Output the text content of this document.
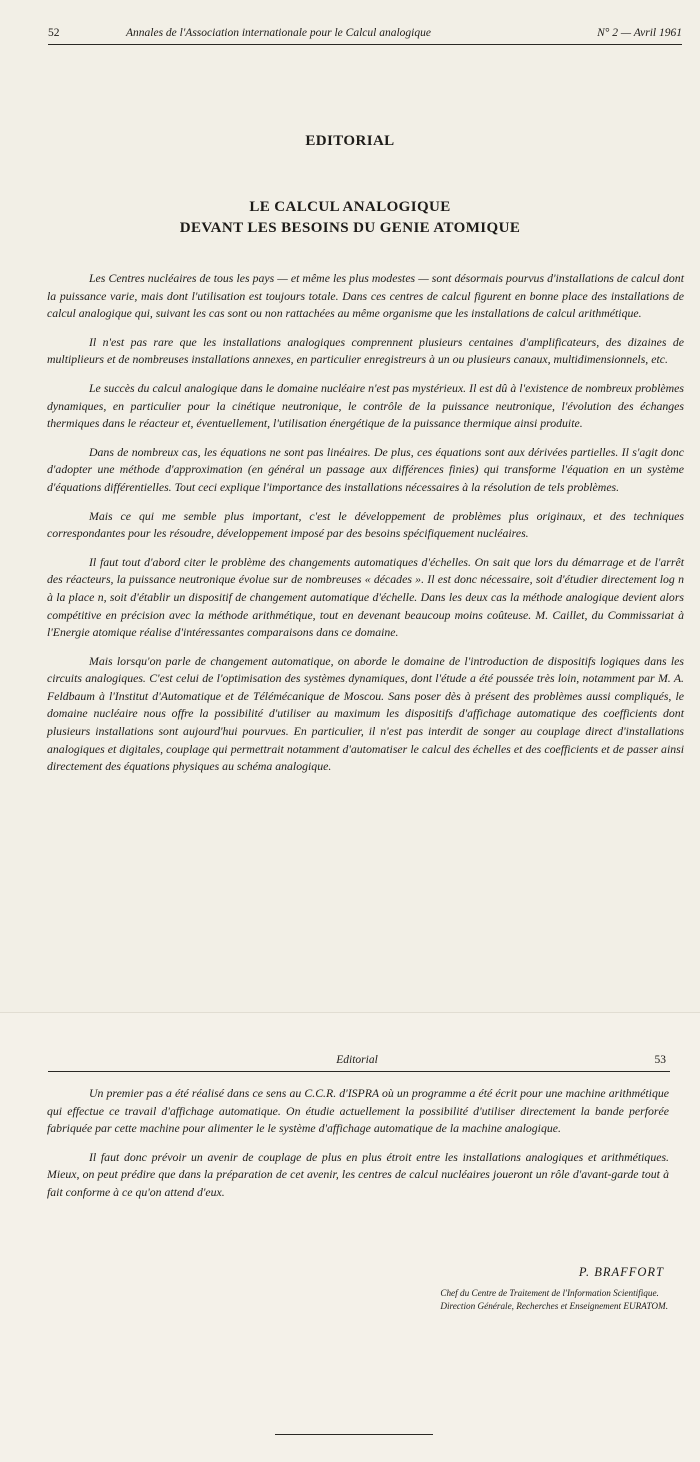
52	Annales de l'Association internationale pour le Calcul analogique	N° 2 — Avril 1961
EDITORIAL
LE CALCUL ANALOGIQUE
DEVANT LES BESOINS DU GENIE ATOMIQUE

Les Centres nucléaires de tous les pays — et même les plus modestes — sont désormais pourvus d'installations de calcul dont la puissance varie, mais dont l'utilisation est toujours totale. Dans ces centres de calcul figurent en bonne place des installations de calcul analogique qui, suivant les cas sont ou non rattachées au même organisme que les installations de calcul arithmétique.

Il n'est pas rare que les installations analogiques comprennent plusieurs centaines d'amplificateurs, des dizaines de multiplieurs et de nombreuses installations annexes, en particulier enregistreurs à un ou plusieurs canaux, multidimensionnels, etc.

Le succès du calcul analogique dans le domaine nucléaire n'est pas mystérieux. Il est dû à l'existence de nombreux problèmes dynamiques, en particulier pour la cinétique neutronique, le contrôle de la puissance neutronique, l'évolution des échanges thermiques dans le réacteur et, éventuellement, l'utilisation énergétique de la puissance thermique ainsi produite.

Dans de nombreux cas, les équations ne sont pas linéaires. De plus, ces équations sont aux dérivées partielles. Il s'agit donc d'adopter une méthode d'approximation (en général un passage aux différences finies) qui transforme l'équation en un système d'équations différentielles. Tout ceci explique l'importance des installations nécessaires à la résolution de tels problèmes.

Mais ce qui me semble plus important, c'est le développement de problèmes plus originaux, et des techniques correspondantes pour les résoudre, développement imposé par des besoins spécifiquement nucléaires.

Il faut tout d'abord citer le problème des changements automatiques d'échelles. On sait que lors du démarrage et de l'arrêt des réacteurs, la puissance neutronique évolue sur de nombreuses « décades ». Il est donc nécessaire, soit d'étudier directement log n à la place n, soit d'établir un dispositif de changement automatique d'échelle. Dans les deux cas la méthode analogique devient alors compétitive en précision avec la méthode arithmétique, tout en devenant beaucoup moins coûteuse. M. Caillet, du Commissariat à l'Energie atomique réalise d'intéressantes comparaisons dans ce domaine.

Mais lorsqu'on parle de changement automatique, on aborde le domaine de l'introduction de dispositifs logiques dans les circuits analogiques. C'est celui de l'optimisation des systèmes dynamiques, dont l'étude a été poussée très loin, notamment par M. A. Feldbaum à l'Institut d'Automatique et de Télémécanique de Moscou. Sans poser dès à présent des problèmes aussi compliqués, le domaine nucléaire nous offre la possibilité d'utiliser au maximum les dispositifs d'affichage automatique des coefficients dont plusieurs installations sont aujourd'hui pourvues. En particulier, il n'est pas interdit de songer au couplage direct d'installations analogiques et digitales, couplage qui permettrait notamment d'automatiser le calcul des échelles et des coefficients et de passer ainsi directement des équations physiques au schéma analogique.

Editorial	53

Un premier pas a été réalisé dans ce sens au C.C.R. d'ISPRA où un programme a été écrit pour une machine arithmétique qui effectue ce travail d'affichage automatique. On étudie actuellement la possibilité d'utiliser directement la bande perforée fabriquée par cette machine pour alimenter le le système d'affichage automatique de la machine analogique.

Il faut donc prévoir un avenir de couplage de plus en plus étroit entre les installations analogiques et arithmétiques. Mieux, on peut prédire que dans la préparation de cet avenir, les centres de calcul nucléaires joueront un rôle d'avant-garde tout à fait conforme à ce qu'on attend d'eux.

P. BRAFFORT
Chef du Centre de Traitement de l'Information Scientifique.
Direction Générale, Recherches et Enseignement EURATOM.
